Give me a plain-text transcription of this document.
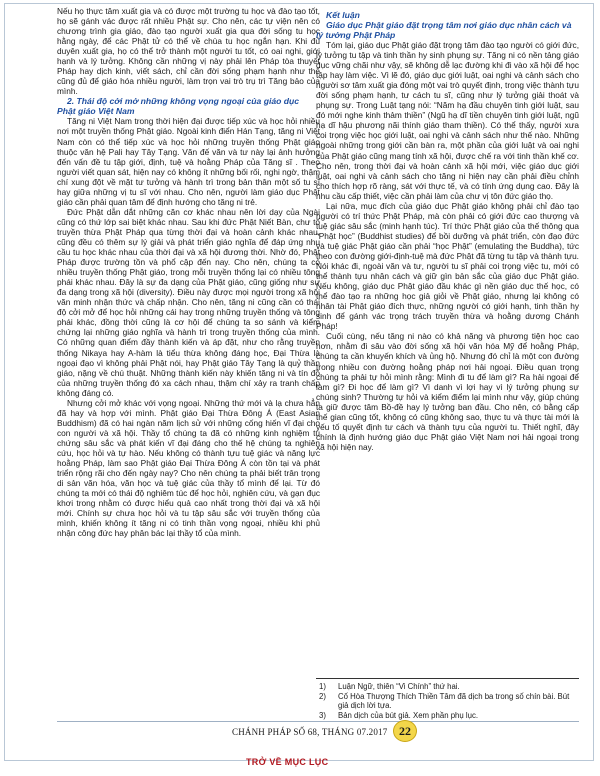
Nếu họ thực tâm xuất gia và có được một trường tu học và đào tạo tốt, họ sẽ gánh vác được rất nhiều Phật sự. Cho nên, các tự viện nên có chương trình gia giáo, đào tạo người xuất gia qua đời sống tu học hằng ngày, để các Phật tử có thể về chùa tu học ngắn hạn. Khi đủ duyên xuất gia, họ có thể trở thành một người tu tốt, có oai nghi, giới hạnh và lý tưởng. Không cần những vị này phải lên Pháp tòa thuyết Pháp hay dịch kinh, viết sách, chỉ cần đời sống phạm hạnh như thế cũng đủ để giáo hóa nhiều người, làm trọn vai trò trụ trì Tăng bảo của mình.

2. Thái độ cởi mở những không vọng ngoại của giáo dục Phật giáo Việt Nam

Tăng ni Việt Nam trong thời hiện đại được tiếp xúc và học hỏi nhiều nơi một truyền thống Phật giáo. Ngoài kinh điển Hán Tạng, tăng ni Việt Nam còn có thể tiếp xúc và học hỏi những truyền thống Phật giáo thuộc văn hệ Pali hay Tây Tạng. Văn đế văn và tư này lại ảnh hưởng đến vấn đề tu tập giới, định, tuệ và hoằng Pháp của Tăng sĩ . Theo người viết quan sát, hiện nay có không ít những bối rối, nghi ngờ, thậm chí xung đột về mặt tư tưởng và hành trì trong bản thân một số tu sĩ hay giữa những vị tu sĩ với nhau. Cho nên, người làm giáo dục Phật giáo cần phải quan tâm để định hướng cho tăng ni trẻ.

Đức Phật dẫn dắt những căn cơ khác nhau nên lời dạy của Ngài cũng có thứ lớp sai biệt khác nhau. Sau khi đức Phật Niết Bàn, chư tổ truyền thừa Phật Pháp qua từng thời đại và hoàn cảnh khác nhau, cũng đều có thêm sự lý giải và phát triển giáo nghĩa để đáp ứng nhu cầu tu học khác nhau của thời đại và xã hội đương thời. Nhờ đó, Phật Pháp được trường tồn và phổ cập đến nay. Cho nên, chúng ta có nhiều truyền thống Phật giáo, trong mỗi truyền thống lại có nhiều tông phái khác nhau. Đây là sự đa dạng của Phật giáo, cũng giống như sự đa dạng trong xã hội (diversity). Điều này được mọi người trong xã hội văn minh nhận thức và chấp nhận. Cho nên, tăng ni cũng cần có thái độ cởi mở để học hỏi những cái hay trong những truyền thống và tông phái khác, đồng thời cũng là cơ hội để chúng ta so sánh và kiểm chứng lại những giáo nghĩa và hành trì trong truyền thống của mình. Có những quan điểm đầy thành kiến và áp đặt, như cho rằng truyền thống Nikaya hay A-hàm là tiểu thừa không đáng học, Đại Thừa là ngoại đạo vì không phải Phật nói, hay Phật giáo Tây Tạng là quỷ thần giáo, nặng về chú thuật. Những thành kiến này khiến tăng ni và tín đồ của những truyền thống đó xa cách nhau, thậm chí xảy ra tranh chấp không đáng có.

Nhưng cởi mở khác với vọng ngoại. Những thứ mới và lạ chưa hẳn đã hay và hợp với mình. Phật giáo Đại Thừa Đông Á (East Asian Buddhism) đã có hai ngàn năm lịch sử với những cống hiến vĩ đại cho con người và xã hội. Thầy tổ chúng ta đã có những kinh nghiệm tu chứng sâu sắc và phát kiến vĩ đại đáng cho thế hệ chúng ta nghiên cứu, học hỏi và tự hào. Nếu không có thành tựu tuệ giác và năng lực hoằng Pháp, làm sao Phật giáo Đại Thừa Đông Á còn tồn tại và phát triển rộng rãi cho đến ngày nay? Cho nên chúng ta phải biết trân trọng di sản văn hóa, văn học và tuệ giác của thầy tổ mình để lại. Từ đó chúng ta mới có thái độ nghiêm túc để học hỏi, nghiên cứu, và gạn đục khơi trong nhằm có được hiểu quả cao nhất trong thời đại và xã hội mới. Chính sự chưa học hỏi và tu tập sâu sắc với truyền thống của mình, khiến không ít tăng ni có tinh thần vọng ngoại, nhiều khi phủ nhận công đức hay phân bác lại thầy tổ của mình.

Kết luận
Giáo dục Phật giáo đặt trọng tâm nơi giáo dục nhân cách và lý tưởng Phật Pháp

Tóm lại, giáo dục Phật giáo đặt trọng tâm đào tạo người có giới đức, lý tưởng tu tập và tinh thần hy sinh phụng sự. Tăng ni có nền tảng giáo dục vững chãi như vậy, sẽ không dễ lạc đường khi đi vào xã hội để học tập hay làm việc. Vì lẽ đó, giáo dục giới luật, oai nghi và cảnh sách cho người sơ tâm xuất gia đóng một vai trò quyết định, trong việc thành tựu đời sống phạm hạnh, tư cách tu sĩ, cũng như lý tưởng giải thoát và phụng sự. Trong Luật tạng nói: “Năm hạ đầu chuyên tinh giới luật, sau đó mới nghe kinh thảm thiền” (Ngũ hạ dĩ tiền chuyên tinh giới luật, ngũ hạ dĩ hậu phương nãi thính giáo tham thiền). Có thể thấy, người xưa coi trọng việc học giới luật, oai nghi và cảnh sách như thế nào. Những ngoài những trong giới cần bàn ra, một phần của giới luật và oai nghi của Phật giáo cũng mang tính xã hội, được chế ra với tinh thần khế cơ. Cho nên, trong thời đại và hoàn cảnh xã hội mới, việc giáo dục giới luật, oai nghi và cảnh sách cho tăng ni hiện nay cần phải điều chỉnh cho thích hợp rõ ràng, sát với thực tế, và có tính ứng dụng cao. Đây là nhu cầu cấp thiết, việc cần phải làm của chư vị tôn đức giáo thọ.

Lại nữa, mục đích của giáo dục Phật giáo không phải chỉ đào tạo người có trí thức Phật Pháp, mà còn phải có giới đức cao thượng và tuệ giác sâu sắc (minh hạnh túc). Trí thức Phật giáo của thế thông qua “Phật học” (Buddhist studies) để bồi dưỡng và phát triển, còn đạo đức và tuệ giác Phật giáo cần phải “học Phật” (emulating the Buddha), tức theo con đường giới-định-tuệ mà đức Phật đã từng tu tập và thành tựu. Nói khác đi, ngoài văn và tư, người tu sĩ phải coi trọng việc tu, mới có thể thành tựu nhân cách và giữ gìn bản sắc của giáo dục Phật giáo. Nếu không, giáo dục Phật giáo đầu khác gì nền giáo dục thế học, có thể đào tạo ra những học giả giỏi về Phật giáo, nhưng lại không có nhân tài Phật giáo đích thực, những người có giới hạnh, tinh thần hy sinh để gánh vác trọng trách truyền thừa và hoằng dương Chánh Pháp!

Cuối cùng, nếu tăng ni nào có khả năng và phương tiện học cao hơn, nhằm đi sâu vào đời sống xã hội văn hóa Mỹ để hoằng Pháp, chúng ta cần khuyến khích và ủng hộ. Nhưng đó chỉ là một con đường trong nhiều con đường hoằng pháp nơi hải ngoại. Điều quan trọng chúng ta phải tự hỏi mình rằng: Mình đi tu để làm gì? Ra hải ngoại để làm gì? Đi học để làm gì? Vì danh vì lợi hay vì lý tưởng phụng sự chúng sinh? Thường tự hỏi và kiểm điểm lại mình như vậy, giúp chúng ta giữ được tâm Bồ-đề hay lý tưởng ban đầu. Cho nên, có bằng cấp thế gian cũng tốt, không có cũng không sao, thực tu và thực tài mới là yếu tố quyết định tư cách và thành tựu của người tu. Thiết nghĩ, đây chính là định hướng giáo dục Phật giáo Việt Nam nơi hải ngoại trong xã hội hiện nay.

1) Luận Ngữ, thiên “Vi Chính” thứ hai.
2) Cố Hòa Thượng Thích Thiền Tâm đã dịch ba trong số chín bài. Bút giả dịch lời tựa.
3) Bản dịch của bút giả. Xem phần phụ lục.
CHÁNH PHÁP SỐ 68, THÁNG 07.2017 22
TRỞ VỀ MỤC LỤC
